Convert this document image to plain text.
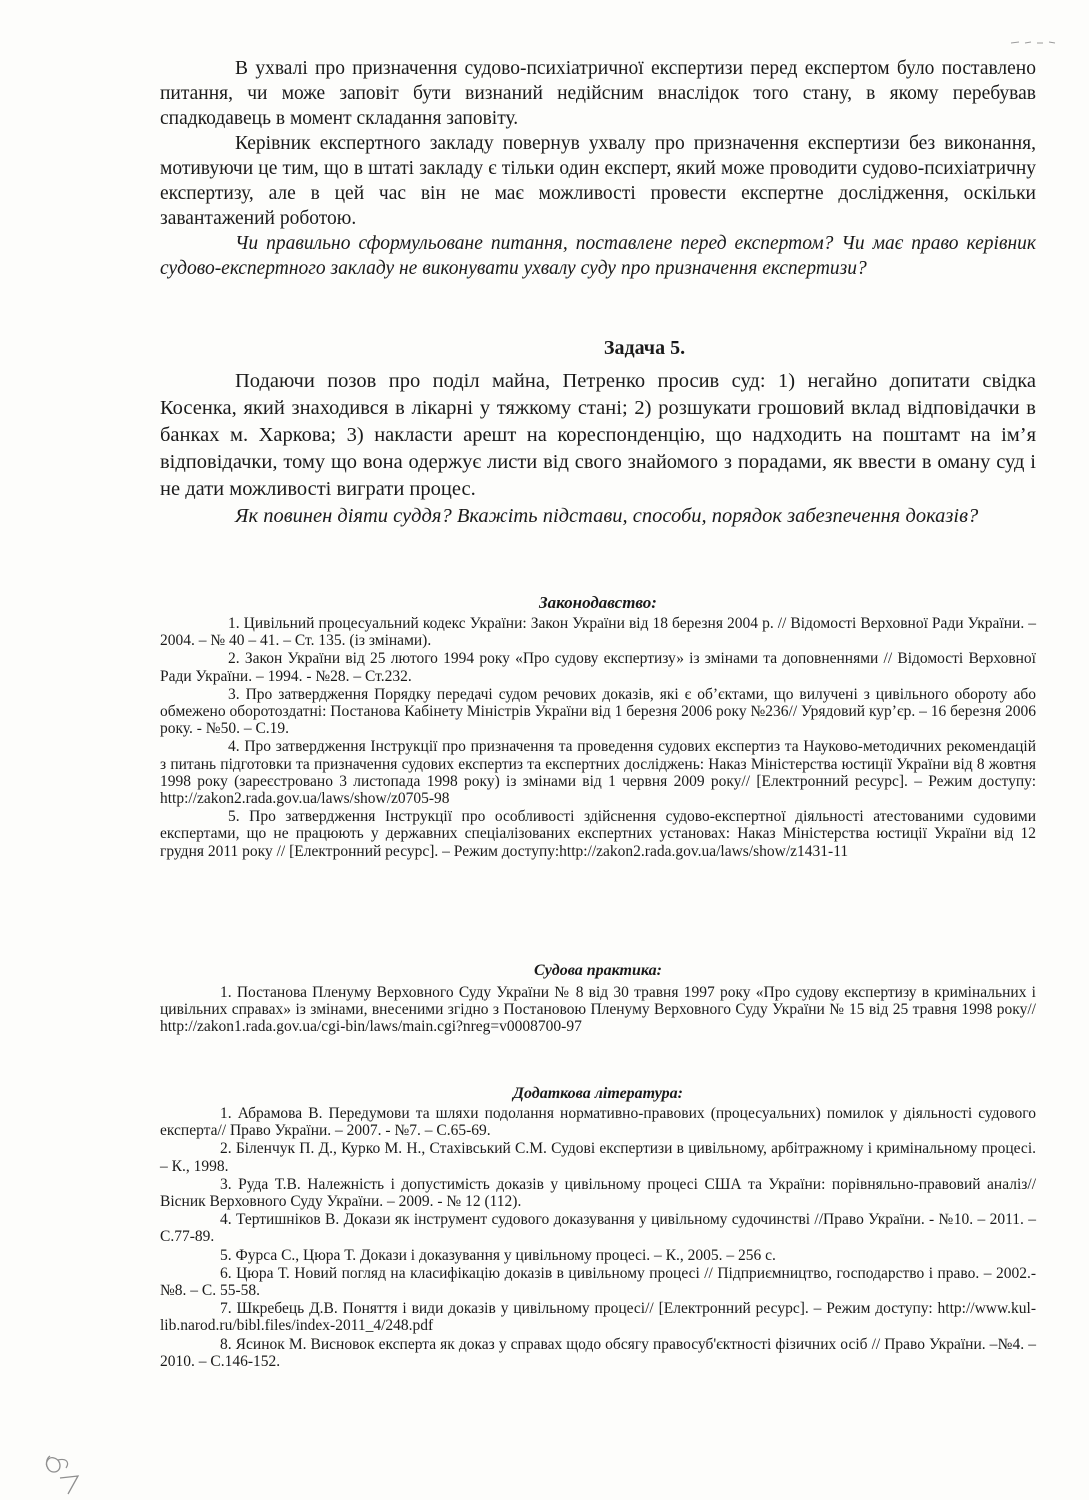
В ухвалі про призначення судово-психіатричної експертизи перед експертом було поставлено питання, чи може заповіт бути визнаний недійсним внаслідок того стану, в якому перебував спадкодавець в момент складання заповіту.

Керівник експертного закладу повернув ухвалу про призначення експертизи без виконання, мотивуючи це тим, що в штаті закладу є тільки один експерт, який може проводити судово-психіатричну експертизу, але в цей час він не має можливості провести експертне дослідження, оскільки завантажений роботою.

Чи правильно сформульоване питання, поставлене перед експертом? Чи має право керівник судово-експертного закладу не виконувати ухвалу суду про призначення експертизи?

Задача 5.

Подаючи позов про поділ майна, Петренко просив суд: 1) негайно допитати свідка Косенка, який знаходився в лікарні у тяжкому стані; 2) розшукати грошовий вклад відповідачки в банках м. Харкова; 3) накласти арешт на кореспонденцію, що надходить на поштамт на ім’я відповідачки, тому що вона одержує листи від свого знайомого з порадами, як ввести в оману суд і не дати можливості виграти процес.

Як повинен діяти суддя? Вкажіть підстави, способи, порядок забезпечення доказів?

Законодавство:

1. Цивільний процесуальний кодекс України: Закон України від 18 березня 2004 р. // Відомості Верховної Ради України. – 2004. – № 40 – 41. – Ст. 135. (із змінами).

2. Закон України від 25 лютого 1994 року «Про судову експертизу» із змінами та доповненнями // Відомості Верховної Ради України. – 1994. - №28. – Ст.232.

3. Про затвердження Порядку передачі судом речових доказів, які є об’єктами, що вилучені з цивільного обороту або обмежено оборотоздатні: Постанова Кабінету Міністрів України від 1 березня 2006 року №236// Урядовий кур’єр. – 16 березня 2006 року. - №50. – С.19.

4. Про затвердження Інструкції про призначення та проведення судових експертиз та Науково-методичних рекомендацій з питань підготовки та призначення судових експертиз та експертних досліджень: Наказ Міністерства юстиції України від 8 жовтня 1998 року (зареєстровано 3 листопада 1998 року) із змінами від 1 червня 2009 року// [Електронний ресурс]. – Режим доступу: http://zakon2.rada.gov.ua/laws/show/z0705-98

5. Про затвердження Інструкції про особливості здійснення судово-експертної діяльності атестованими судовими експертами, що не працюють у державних спеціалізованих експертних установах: Наказ Міністерства юстиції України від 12 грудня 2011 року // [Електронний ресурс]. – Режим доступу:http://zakon2.rada.gov.ua/laws/show/z1431-11

Судова практика:

1. Постанова Пленуму Верховного Суду України № 8 від 30 травня 1997 року «Про судову експертизу в кримінальних і цивільних справах» із змінами, внесеними згідно з Постановою Пленуму Верховного Суду України № 15 від 25 травня 1998 року// http://zakon1.rada.gov.ua/cgi-bin/laws/main.cgi?nreg=v0008700-97

Додаткова література:

1. Абрамова В. Передумови та шляхи подолання нормативно-правових (процесуальних) помилок у діяльності судового експерта// Право України. – 2007. - №7. – С.65-69.

2. Біленчук П. Д., Курко М. Н., Стахівський С.М. Судові експертизи в цивільному, арбітражному і кримінальному процесі. – К., 1998.

3. Руда Т.В. Належність і допустимість доказів у цивільному процесі США та України: порівняльно-правовий аналіз// Вісник Верховного Суду України. – 2009. - № 12 (112).

4. Тертишніков В. Докази як інструмент судового доказування у цивільному судочинстві //Право України. - №10. – 2011. – С.77-89.

5. Фурса С., Цюра Т. Докази і доказування у цивільному процесі. – К., 2005. – 256 с.

6. Цюра Т. Новий погляд на класифікацію доказів в цивільному процесі // Підприємництво, господарство і право. – 2002.- №8. – С. 55-58.

7. Шкребець Д.В. Поняття і види доказів у цивільному процесі// [Електронний ресурс]. – Режим доступу: http://www.kul-lib.narod.ru/bibl.files/index-2011_4/248.pdf

8. Ясинок М. Висновок експерта як доказ у справах щодо обсягу правосуб'єктності фізичних осіб // Право України. –№4. – 2010. – С.146-152.
